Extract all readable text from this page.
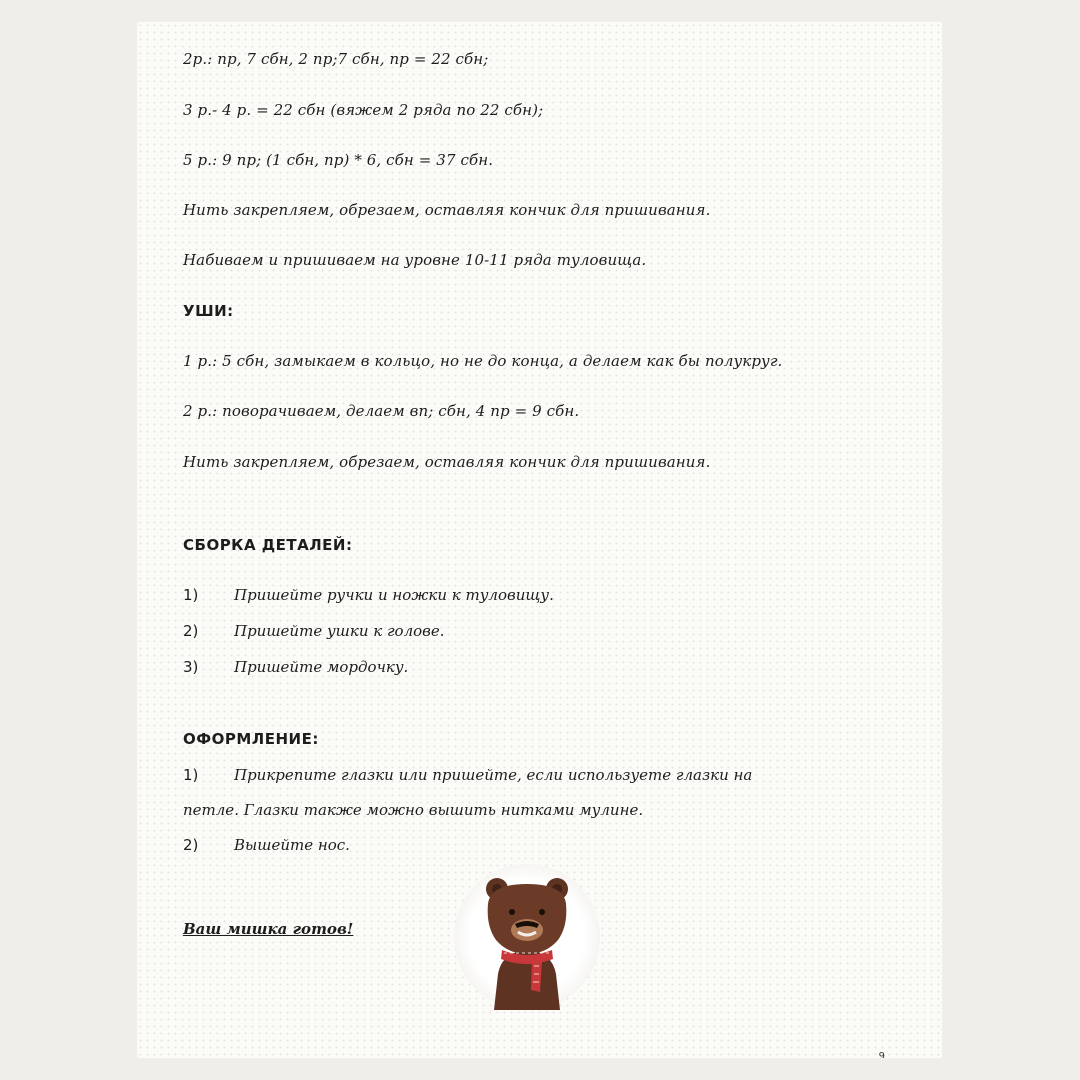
2р.: пр, 7 сбн, 2 пр;7 сбн, пр = 22 сбн;

3 р.- 4 р. = 22 сбн (вяжем 2 ряда по 22 сбн);

5 р.: 9 пр; (1 сбн, пр) * 6, сбн = 37 сбн.

Нить закрепляем, обрезаем, оставляя кончик для пришивания.

Набиваем и пришиваем на уровне 10-11 ряда туловища.

УШИ:

1 р.: 5 сбн, замыкаем в кольцо, но не до конца, а делаем как бы полукруг.

2 р.: поворачиваем, делаем вп; сбн, 4 пр = 9 сбн.

Нить закрепляем, обрезаем, оставляя кончик для пришивания.

СБОРКА ДЕТАЛЕЙ:

1) Пришейте ручки и ножки к туловищу.
2) Пришейте ушки к голове.
3) Пришейте мордочку.

ОФОРМЛЕНИЕ:

1) Прикрепите глазки или пришейте, если используете глазки на
петле. Глазки также можно вышить нитками мулине.
2) Вышейте нос.

Ваш мишка готов!

9
